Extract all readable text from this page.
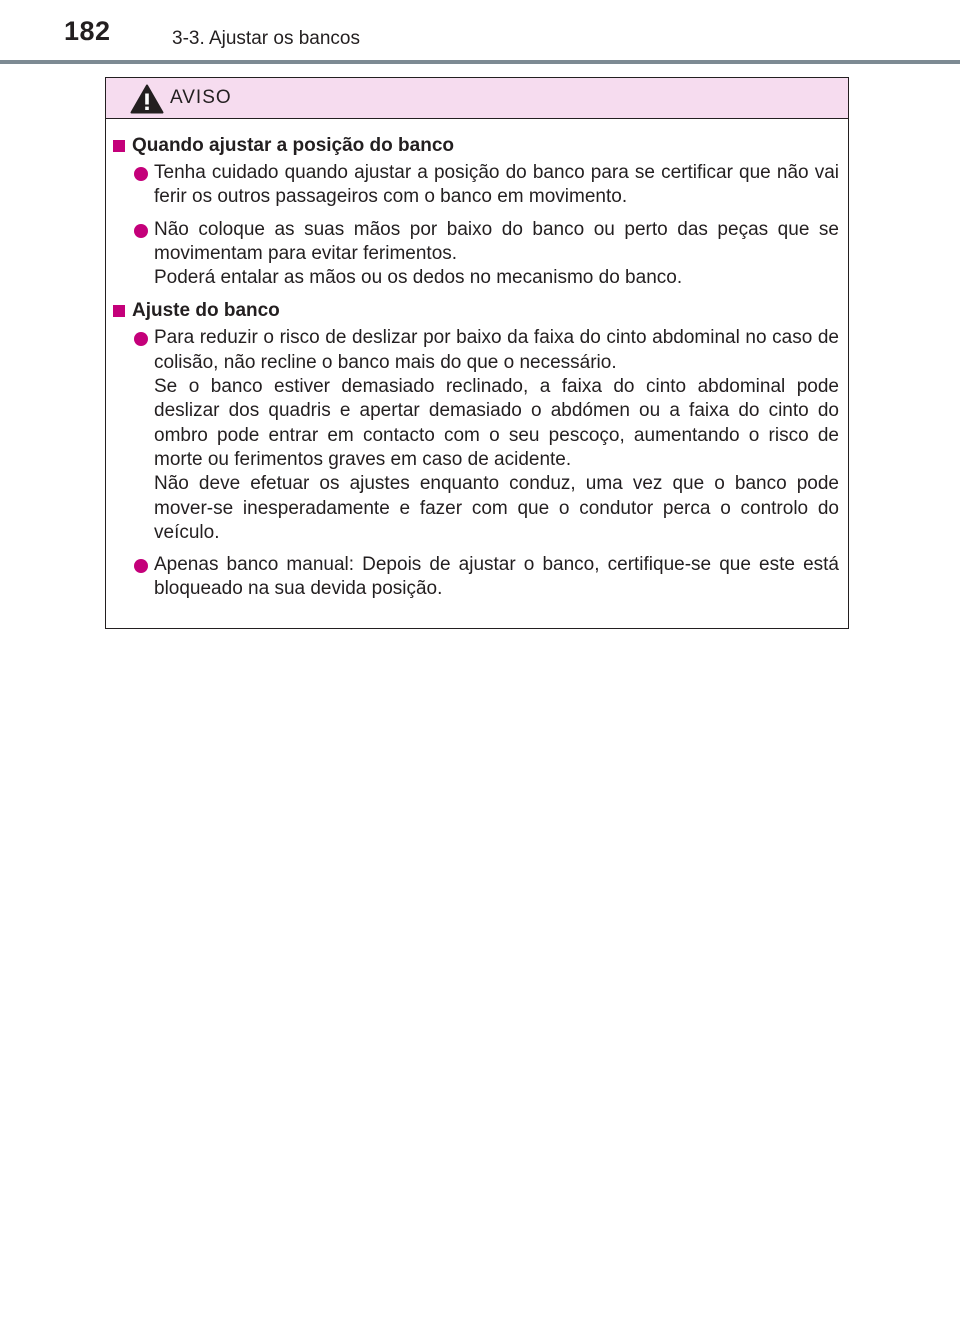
182	3-3. Ajustar os bancos
AVISO
Quando ajustar a posição do banco

Tenha cuidado quando ajustar a posição do banco para se certificar que não vai ferir os outros passageiros com o banco em movimento.

Não coloque as suas mãos por baixo do banco ou perto das peças que se movimentam para evitar ferimentos.

Poderá entalar as mãos ou os dedos no mecanismo do banco.

Ajuste do banco

Para reduzir o risco de deslizar por baixo da faixa do cinto abdominal no caso de colisão, não recline o banco mais do que o necessário.

Se o banco estiver demasiado reclinado, a faixa do cinto abdominal pode deslizar dos quadris e apertar demasiado o abdómen ou a faixa do cinto do ombro pode entrar em contacto com o seu pescoço, aumentando o risco de morte ou ferimentos graves em caso de acidente.

Não deve efetuar os ajustes enquanto conduz, uma vez que o banco pode mover-se inesperadamente e fazer com que o condutor perca o controlo do veículo.

Apenas banco manual: Depois de ajustar o banco, certifique-se que este está bloqueado na sua devida posição.
